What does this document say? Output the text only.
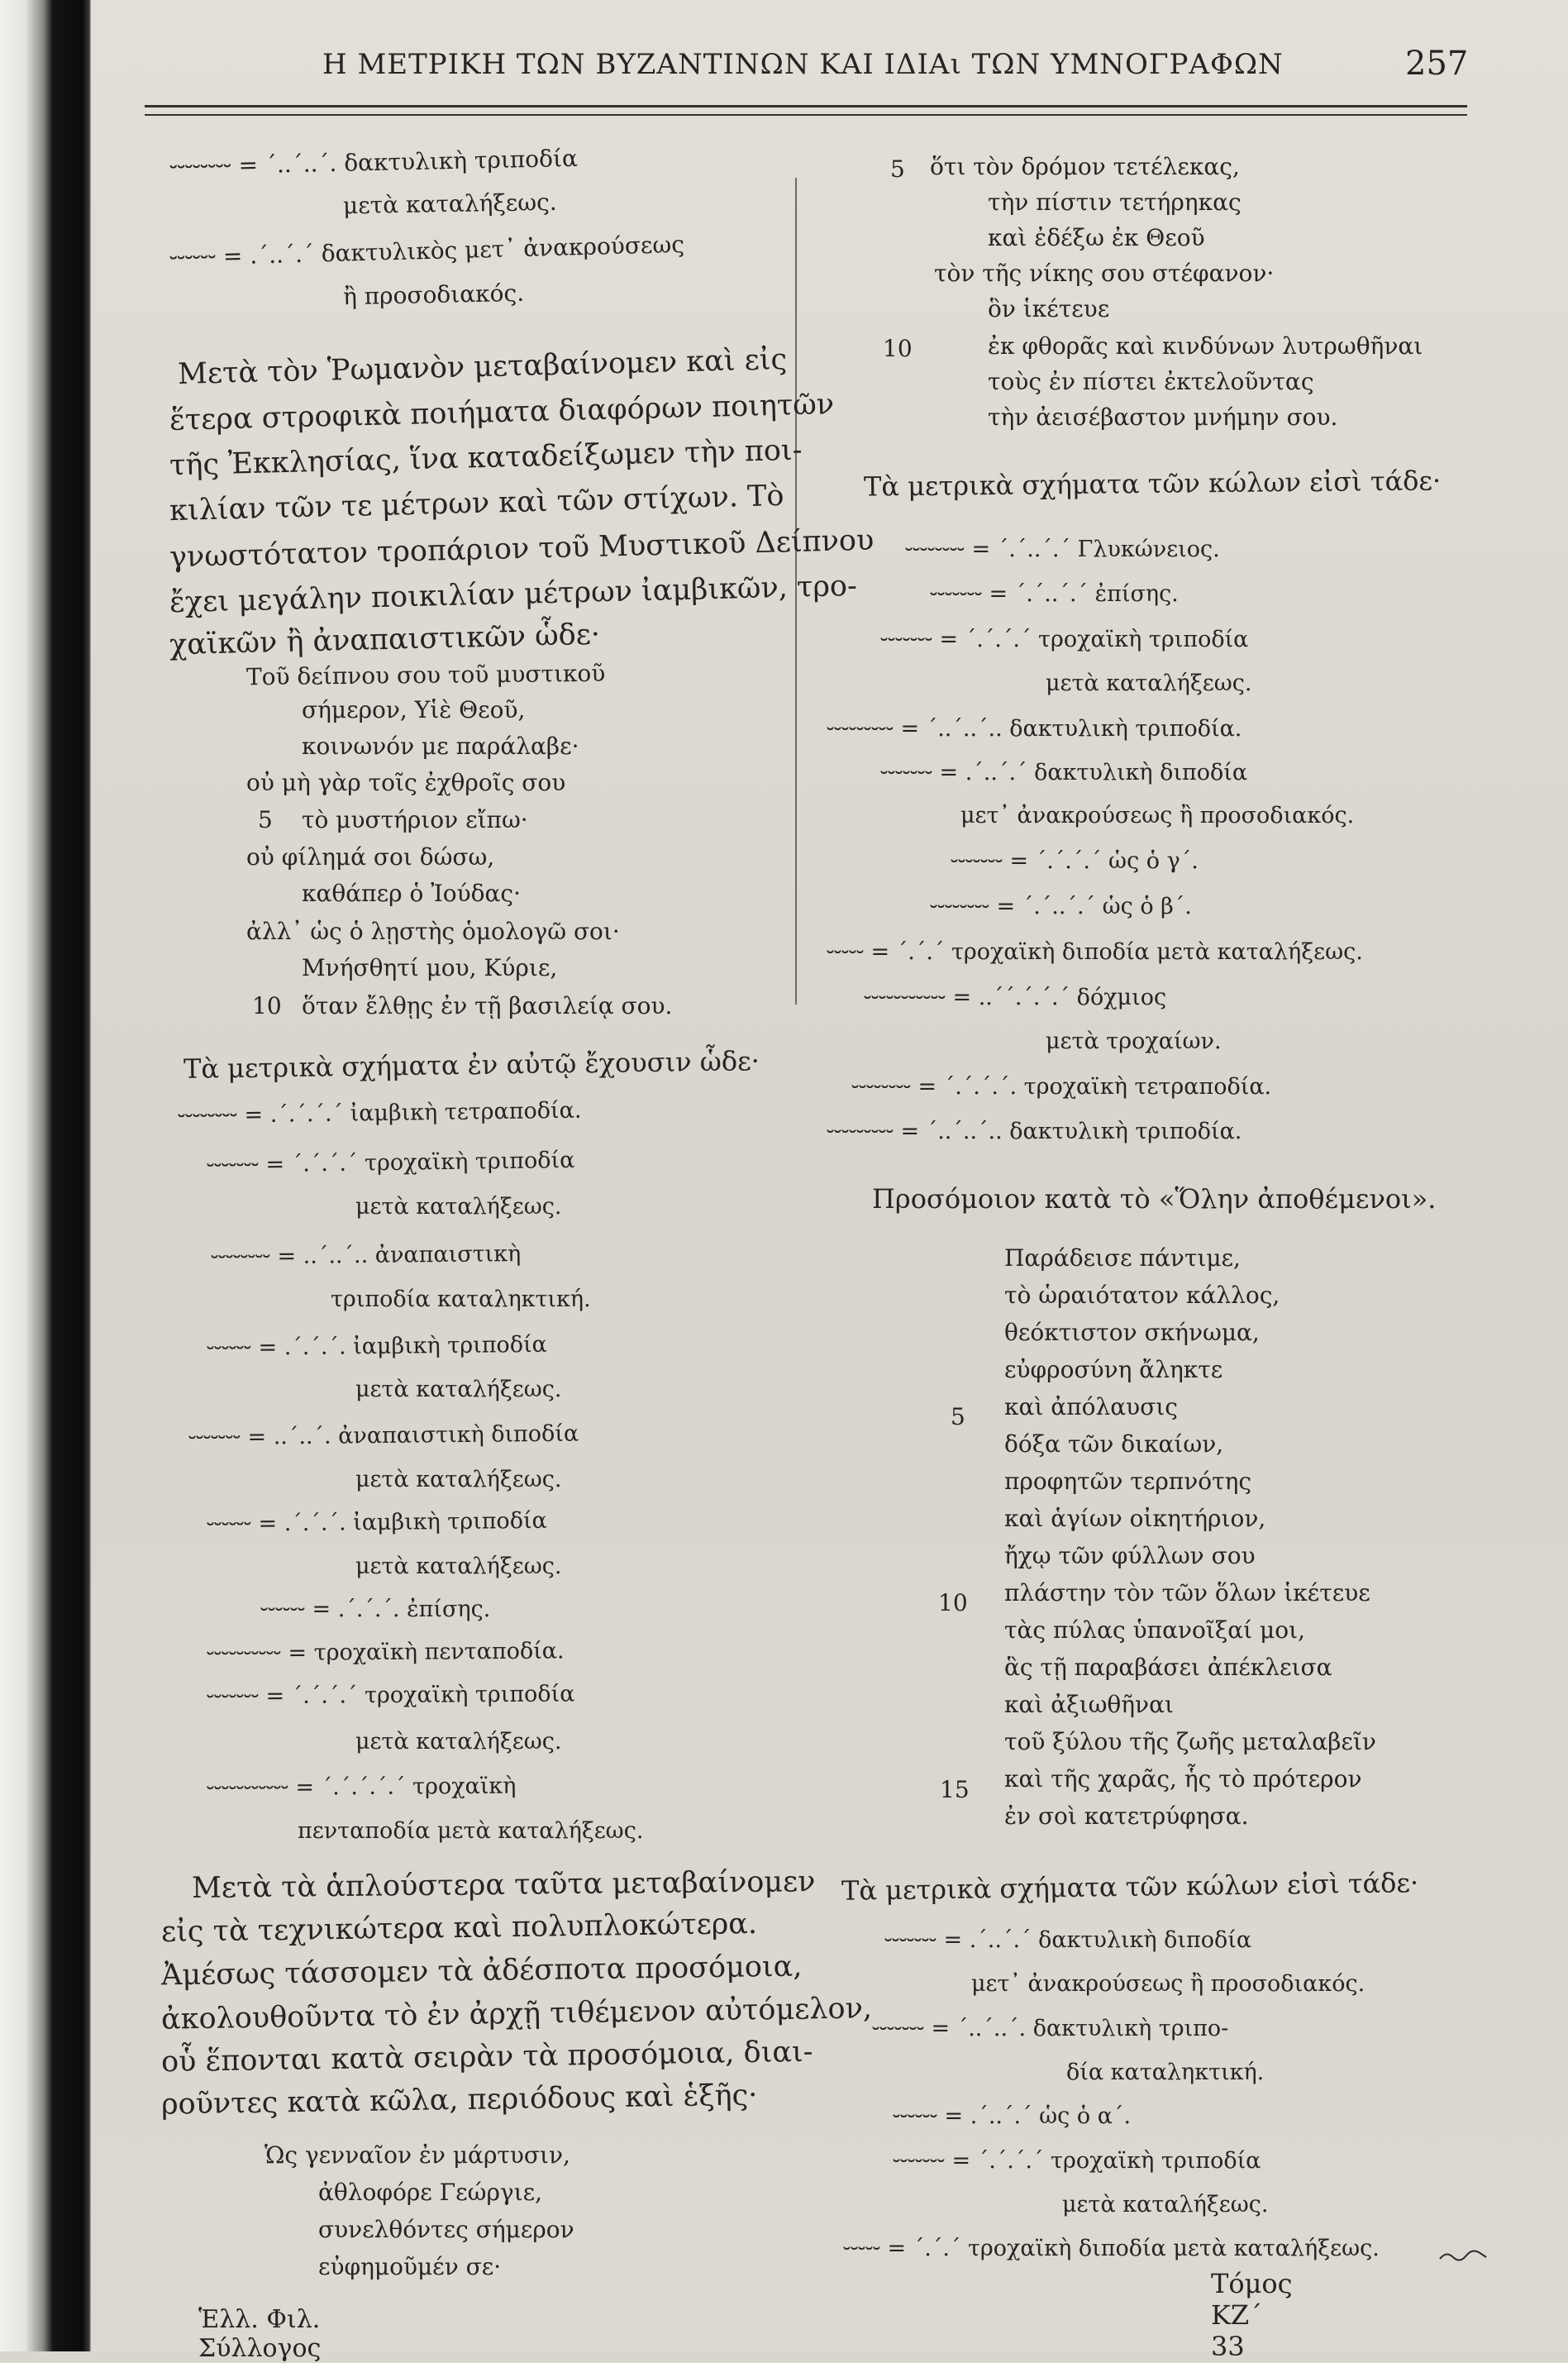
Η ΜΕΤΡΙΚΗ ΤΩΝ ΒΥΖΑΝΤΙΝΩΝ ΚΑΙ ΙΔΙΑι ΤΩΝ ΥΜΝΟΓΡΑΦΩΝ	257
⏑⏑⏑⏑⏑⏑⏑⏑ = ΄..΄..΄. δακτυλικὴ τριποδία
μετὰ καταλήξεως.
⏑⏑⏑⏑⏑⏑ = .΄..΄.΄ δακτυλικὸς μετ᾽ ἀνακρούσεως
ἢ προσοδιακός.
Μετὰ τὸν Ῥωμανὸν μεταβαίνομεν καὶ εἰς
ἕτερα στροφικὰ ποιήματα διαφόρων ποιητῶν
τῆς Ἐκκλησίας, ἵνα καταδείξωμεν τὴν ποι-
κιλίαν τῶν τε μέτρων καὶ τῶν στίχων. Τὸ
γνωστότατον τροπάριον τοῦ Μυστικοῦ Δείπνου
ἔχει μεγάλην ποικιλίαν μέτρων ἰαμβικῶν, τρο-
χαϊκῶν ἢ ἀναπαιστικῶν ὧδε·
Τοῦ δείπνου σου τοῦ μυστικοῦ
σήμερον, Υἱὲ Θεοῦ,
κοινωνόν με παράλαβε·
οὐ μὴ γὰρ τοῖς ἐχθροῖς σου
5 τὸ μυστήριον εἴπω·
οὐ φίλημά σοι δώσω,
καθάπερ ὁ Ἰούδας·
ἀλλ᾽ ὡς ὁ λῃστὴς ὁμολογῶ σοι·
Μνήσθητί μου, Κύριε,
10 ὅταν ἔλθῃς ἐν τῇ βασιλείᾳ σου.
Τὰ μετρικὰ σχήματα ἐν αὐτῷ ἔχουσιν ὧδε·
⏑⏑⏑⏑⏑⏑⏑⏑ = .΄.΄.΄.΄ ἰαμβικὴ τετραποδία.
⏑⏑⏑⏑⏑⏑⏑ = ΄.΄.΄.΄ τροχαϊκὴ τριποδία
μετὰ καταλήξεως.
⏑⏑⏑⏑⏑⏑⏑⏑ = ..΄..΄.. ἀναπαιστικὴ
τριποδία καταληκτική.
⏑⏑⏑⏑⏑⏑ = .΄.΄.΄. ἰαμβικὴ τριποδία
μετὰ καταλήξεως.
⏑⏑⏑⏑⏑⏑⏑ = ..΄..΄. ἀναπαιστικὴ διποδία
μετὰ καταλήξεως.
⏑⏑⏑⏑⏑⏑ = .΄.΄.΄. ἰαμβικὴ τριποδία
μετὰ καταλήξεως.
⏑⏑⏑⏑⏑⏑ = .΄.΄.΄. ἐπίσης.
⏑⏑⏑⏑⏑⏑⏑⏑⏑⏑ = τροχαϊκὴ πενταποδία.
⏑⏑⏑⏑⏑⏑⏑ = ΄.΄.΄.΄ τροχαϊκὴ τριποδία
μετὰ καταλήξεως.
⏑⏑⏑⏑⏑⏑⏑⏑⏑⏑⏑ = ΄.΄.΄.΄.΄ τροχαϊκὴ
πενταποδία μετὰ καταλήξεως.
Μετὰ τὰ ἁπλούστερα ταῦτα μεταβαίνομεν
εἰς τὰ τεχνικώτερα καὶ πολυπλοκώτερα.
Ἀμέσως τάσσομεν τὰ ἀδέσποτα προσόμοια,
ἀκολουθοῦντα τὸ ἐν ἀρχῇ τιθέμενον αὐτόμελον,
οὗ ἕπονται κατὰ σειρὰν τὰ προσόμοια, διαι-
ροῦντες κατὰ κῶλα, περιόδους καὶ ἑξῆς·
Ὡς γενναῖον ἐν μάρτυσιν,
ἀθλοφόρε Γεώργιε,
συνελθόντες σήμερον
εὐφημοῦμέν σε·
Ἑλλ. Φιλ. Σύλλογος
5 ὅτι τὸν δρόμον τετέλεκας,
τὴν πίστιν τετήρηκας
καὶ ἐδέξω ἐκ Θεοῦ
τὸν τῆς νίκης σου στέφανον·
ὃν ἱκέτευε
10	ἐκ φθορᾶς καὶ κινδύνων λυτρωθῆναι
τοὺς ἐν πίστει ἐκτελοῦντας
τὴν ἀεισέβαστον μνήμην σου.
Τὰ μετρικὰ σχήματα τῶν κώλων εἰσὶ τάδε·
⏑⏑⏑⏑⏑⏑⏑⏑ = ΄.΄..΄.΄ Γλυκώνειος.
⏑⏑⏑⏑⏑⏑⏑ = ΄.΄..΄.΄ ἐπίσης.
⏑⏑⏑⏑⏑⏑⏑ = ΄.΄.΄.΄ τροχαϊκὴ τριποδία
μετὰ καταλήξεως.
⏑⏑⏑⏑⏑⏑⏑⏑⏑ = ΄..΄..΄.. δακτυλικὴ τριποδία.
⏑⏑⏑⏑⏑⏑⏑ = .΄..΄.΄ δακτυλικὴ διποδία
μετ᾽ ἀνακρούσεως ἢ προσοδιακός.
⏑⏑⏑⏑⏑⏑⏑ = ΄.΄.΄.΄ ὡς ὁ γ΄.
⏑⏑⏑⏑⏑⏑⏑⏑ = ΄.΄..΄.΄ ὡς ὁ β΄.
⏑⏑⏑⏑⏑ = ΄.΄.΄ τροχαϊκὴ διποδία μετὰ καταλήξεως.
⏑⏑⏑⏑⏑⏑⏑⏑⏑⏑⏑ = ..΄΄.΄.΄.΄ δόχμιος
μετὰ τροχαίων.
⏑⏑⏑⏑⏑⏑⏑⏑ = ΄.΄.΄.΄. τροχαϊκὴ τετραποδία.
⏑⏑⏑⏑⏑⏑⏑⏑⏑ = ΄..΄..΄.. δακτυλικὴ τριποδία.
Προσόμοιον κατὰ τὸ «Ὅλην ἀποθέμενοι».
Παράδεισε πάντιμε,
τὸ ὡραιότατον κάλλος,
θεόκτιστον σκήνωμα,
εὐφροσύνη ἄληκτε
5 καὶ ἀπόλαυσις
δόξα τῶν δικαίων,
προφητῶν τερπνότης
καὶ ἁγίων οἰκητήριον,
ἤχῳ τῶν φύλλων σου
10 πλάστην τὸν τῶν ὅλων ἱκέτευε
τὰς πύλας ὑπανοῖξαί μοι,
ἃς τῇ παραβάσει ἀπέκλεισα
καὶ ἀξιωθῆναι
τοῦ ξύλου τῆς ζωῆς μεταλαβεῖν
15 καὶ τῆς χαρᾶς, ἧς τὸ πρότερον
ἐν σοὶ κατετρύφησα.
Τὰ μετρικὰ σχήματα τῶν κώλων εἰσὶ τάδε·
⏑⏑⏑⏑⏑⏑⏑ = .΄..΄.΄ δακτυλικὴ διποδία
μετ᾽ ἀνακρούσεως ἢ προσοδιακός.
⏑⏑⏑⏑⏑⏑⏑ = ΄..΄..΄. δακτυλικὴ τριπο-
δία καταληκτική.
⏑⏑⏑⏑⏑⏑ = .΄..΄.΄ ὡς ὁ α΄.
⏑⏑⏑⏑⏑⏑⏑ = ΄.΄.΄.΄ τροχαϊκὴ τριποδία
μετὰ καταλήξεως.
⏑⏑⏑⏑⏑ = ΄.΄.΄ τροχαϊκὴ διποδία μετὰ καταλήξεως.
Τόμος ΚΖ΄ 33
